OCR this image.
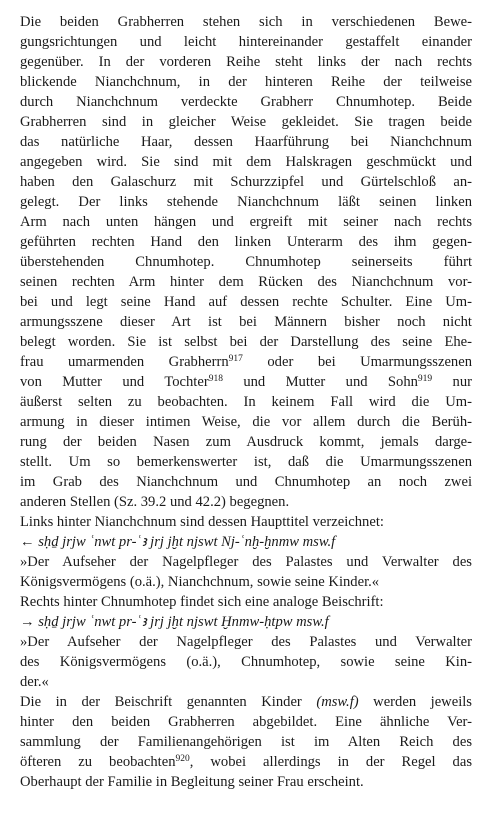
Die beiden Grabherren stehen sich in verschiedenen Bewe-
gungsrichtungen und leicht hintereinander gestaffelt einander
gegenüber. In der vorderen Reihe steht links der nach rechts
blickende Nianchchnum, in der hinteren Reihe der teilweise
durch Nianchchnum verdeckte Grabherr Chnumhotep. Beide
Grabherren sind in gleicher Weise gekleidet. Sie tragen beide
das natürliche Haar, dessen Haarführung bei Nianchchnum
angegeben wird. Sie sind mit dem Halskragen geschmückt und
haben den Galaschurz mit Schurzzipfel und Gürtelschloß an-
gelegt. Der links stehende Nianchchnum läßt seinen linken
Arm nach unten hängen und ergreift mit seiner nach rechts
geführten rechten Hand den linken Unterarm des ihm gegen-
überstehenden Chnumhotep. Chnumhotep seinerseits führt
seinen rechten Arm hinter dem Rücken des Nianchchnum vor-
bei und legt seine Hand auf dessen rechte Schulter. Eine Um-
armungsszene dieser Art ist bei Männern bisher noch nicht
belegt worden. Sie ist selbst bei der Darstellung des seine Ehe-
frau umarmenden Grabherrn$^{917}$ oder bei Umarmungsszenen
von Mutter und Tochter$^{918}$ und Mutter und Sohn$^{919}$ nur
äußerst selten zu beobachten. In keinem Fall wird die Um-
armung in dieser intimen Weise, die vor allem durch die Berüh-
rung der beiden Nasen zum Ausdruck kommt, jemals darge-
stellt. Um so bemerkenswerter ist, daß die Umarmungsszenen
im Grab des Nianchchnum und Chnumhotep an noch zwei
anderen Stellen (Sz. 39.2 und 42.2) begegnen.
Links hinter Nianchchnum sind dessen Haupttitel verzeichnet:
← sḥḏ jrjw ʿnwt pr-ʿꜣ jrj jḫt njswt Nj-ʿnḫ-ḫnmw msw.f
»Der Aufseher der Nagelpfleger des Palastes und Verwalter des
Königsvermögens (o.ä.), Nianchchnum, sowie seine Kinder.«
Rechts hinter Chnumhotep findet sich eine analoge Beischrift:
→ sḥḏ jrjw ʿnwt pr-ʿꜣ jrj jḫt njswt Ḫnmw-ḥtpw msw.f
»Der Aufseher der Nagelpfleger des Palastes und Verwalter
des Königsvermögens (o.ä.), Chnumhotep, sowie seine Kin-
der.«
Die in der Beischrift genannten Kinder (msw.f) werden jeweils
hinter den beiden Grabherren abgebildet. Eine ähnliche Ver-
sammlung der Familienangehörigen ist im Alten Reich des
öfteren zu beobachten$^{920}$, wobei allerdings in der Regel das
Oberhaupt der Familie in Begleitung seiner Frau erscheint.
